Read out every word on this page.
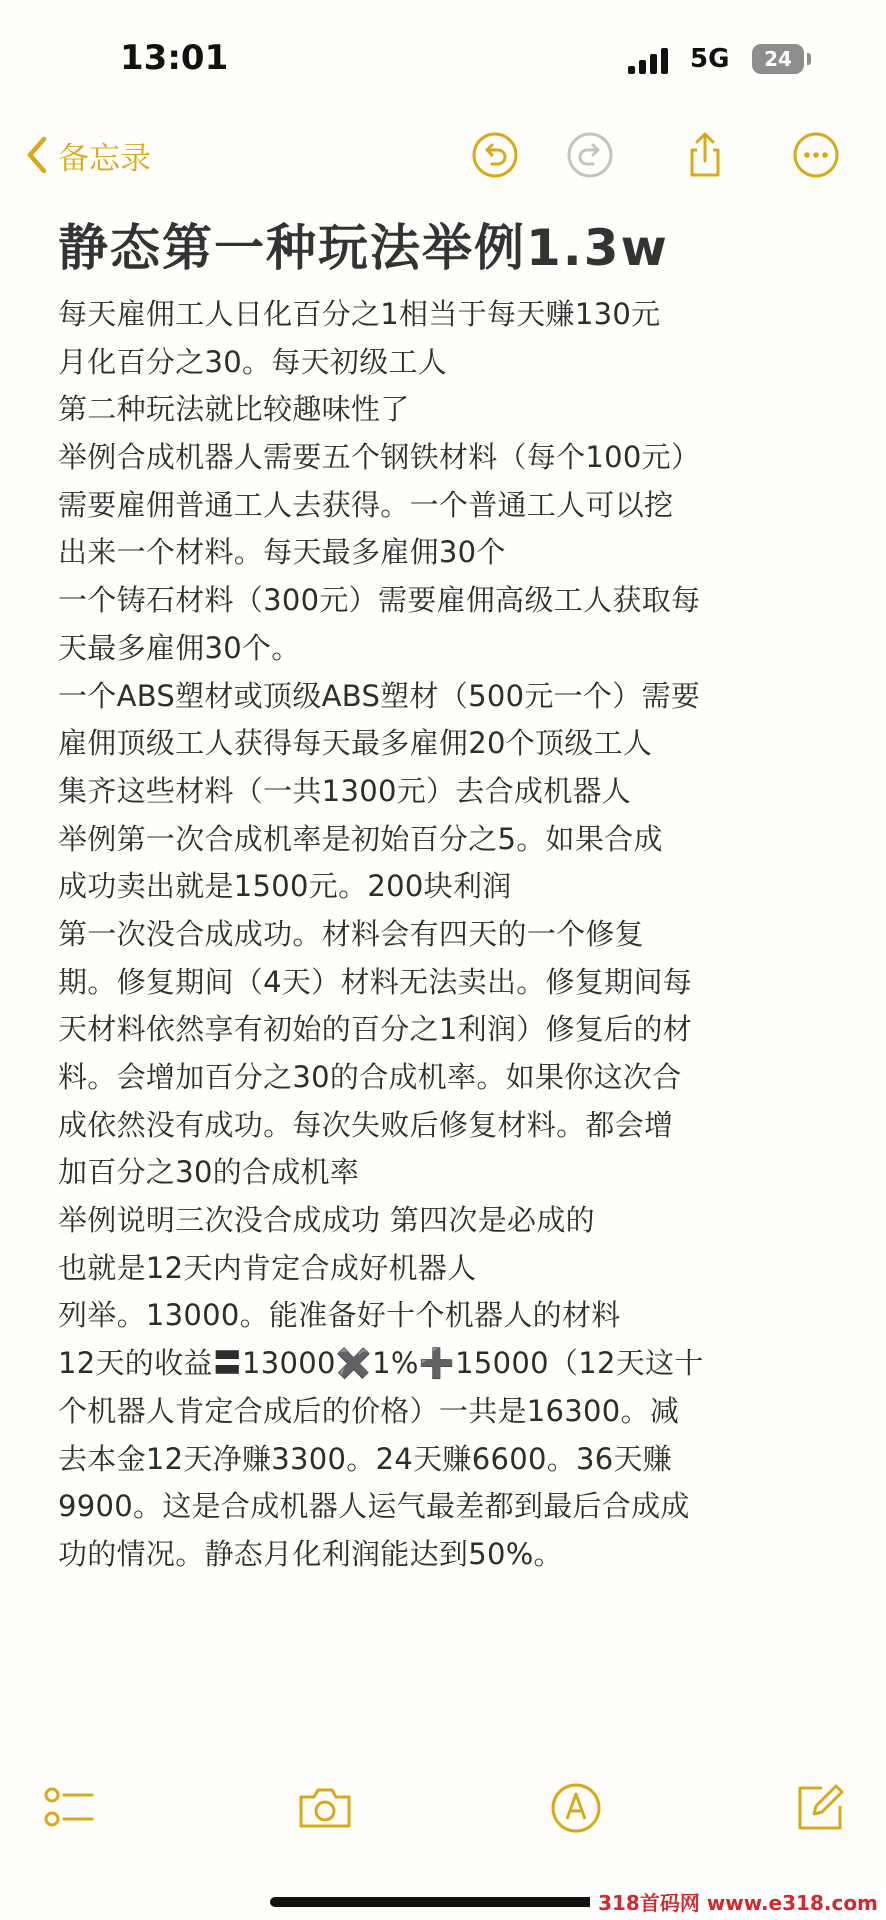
13:01	5G	24
备忘录
静态第一种玩法举例1.3w
每天雇佣工人日化百分之1相当于每天赚130元
月化百分之30。每天初级工人
第二种玩法就比较趣味性了
举例合成机器人需要五个钢铁材料（每个100元）
需要雇佣普通工人去获得。一个普通工人可以挖
出来一个材料。每天最多雇佣30个
一个铸石材料（300元）需要雇佣高级工人获取每
天最多雇佣30个。
一个ABS塑材或顶级ABS塑材（500元一个）需要
雇佣顶级工人获得每天最多雇佣20个顶级工人
集齐这些材料（一共1300元）去合成机器人
举例第一次合成机率是初始百分之5。如果合成
成功卖出就是1500元。200块利润
第一次没合成成功。材料会有四天的一个修复
期。修复期间（4天）材料无法卖出。修复期间每
天材料依然享有初始的百分之1利润）修复后的材
料。会增加百分之30的合成机率。如果你这次合
成依然没有成功。每次失败后修复材料。都会增
加百分之30的合成机率
举例说明三次没合成成功 第四次是必成的
也就是12天内肯定合成好机器人
列举。13000。能准备好十个机器人的材料
12天的收益〓13000✖️1%➕15000（12天这十
个机器人肯定合成后的价格）一共是16300。减
去本金12天净赚3300。24天赚6600。36天赚
9900。这是合成机器人运气最差都到最后合成成
功的情况。静态月化利润能达到50%。
318首码网 www.e318.com
